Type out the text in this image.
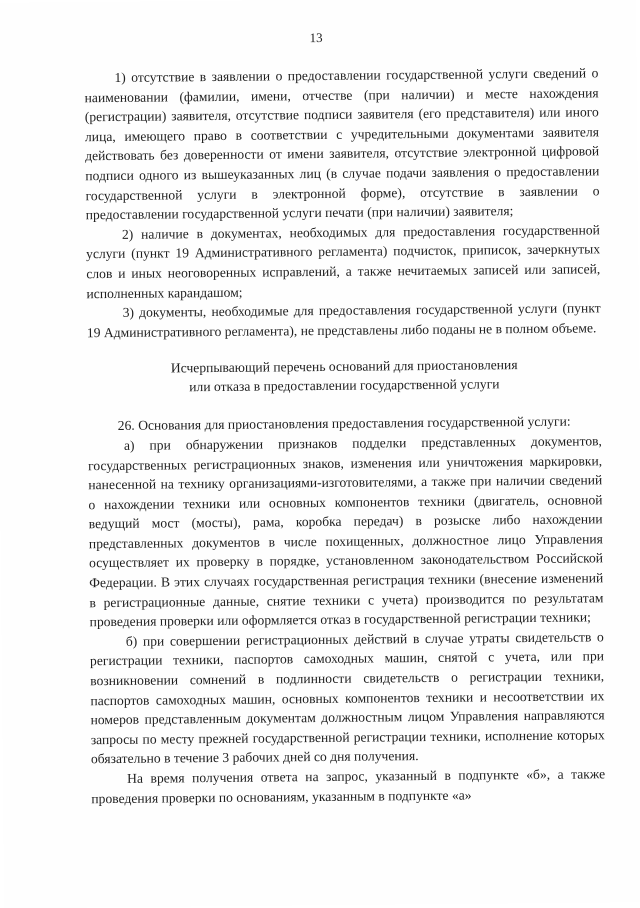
13

1) отсутствие в заявлении о предоставлении государственной услуги сведений о наименовании (фамилии, имени, отчестве (при наличии) и месте нахождения (регистрации) заявителя, отсутствие подписи заявителя (его представителя) или иного лица, имеющего право в соответствии с учредительными документами заявителя действовать без доверенности от имени заявителя, отсутствие электронной цифровой подписи одного из вышеуказанных лиц (в случае подачи заявления о предоставлении государственной услуги в электронной форме), отсутствие в заявлении о предоставлении государственной услуги печати (при наличии) заявителя;

2) наличие в документах, необходимых для предоставления государственной услуги (пункт 19 Административного регламента) подчисток, приписок, зачеркнутых слов и иных неоговоренных исправлений, а также нечитаемых записей или записей, исполненных карандашом;

3) документы, необходимые для предоставления государственной услуги (пункт 19 Административного регламента), не представлены либо поданы не в полном объеме.

Исчерпывающий перечень оснований для приостановления
или отказа в предоставлении государственной услуги

26. Основания для приостановления предоставления государственной услуги:

а) при обнаружении признаков подделки представленных документов, государственных регистрационных знаков, изменения или уничтожения маркировки, нанесенной на технику организациями-изготовителями, а также при наличии сведений о нахождении техники или основных компонентов техники (двигатель, основной ведущий мост (мосты), рама, коробка передач) в розыске либо нахождении представленных документов в числе похищенных, должностное лицо Управления осуществляет их проверку в порядке, установленном законодательством Российской Федерации. В этих случаях государственная регистрация техники (внесение изменений в регистрационные данные, снятие техники с учета) производится по результатам проведения проверки или оформляется отказ в государственной регистрации техники;

б) при совершении регистрационных действий в случае утраты свидетельств о регистрации техники, паспортов самоходных машин, снятой с учета, или при возникновении сомнений в подлинности свидетельств о регистрации техники, паспортов самоходных машин, основных компонентов техники и несоответствии их номеров представленным документам должностным лицом Управления направляются запросы по месту прежней государственной регистрации техники, исполнение которых обязательно в течение 3 рабочих дней со дня получения.

На время получения ответа на запрос, указанный в подпункте «б», а также проведения проверки по основаниям, указанным в подпункте «а»
